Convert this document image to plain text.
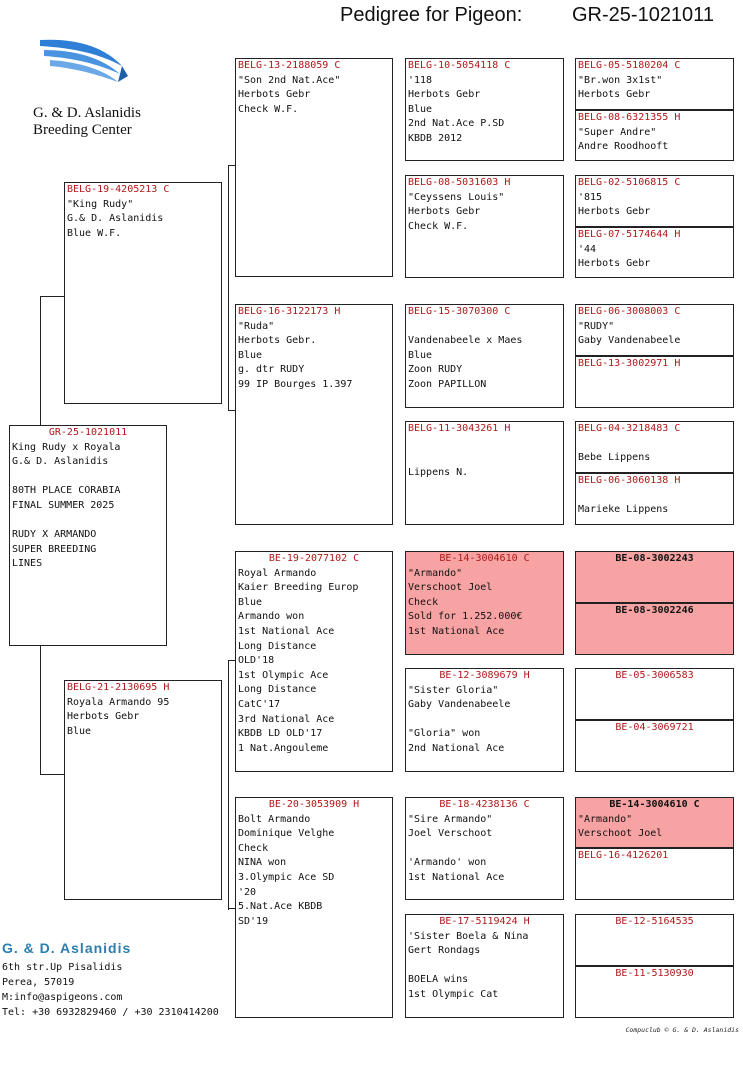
Pedigree for Pigeon: GR-25-1021011
G. & D. Aslanidis
Breeding Center
GR-25-1021011
King Rudy x Royala
G.& D. Aslanidis

80TH PLACE CORABIA
FINAL SUMMER 2025

RUDY X ARMANDO
SUPER BREEDING
LINES
BELG-19-4205213 C
"King Rudy"
G.& D. Aslanidis
Blue W.F.
BELG-21-2130695 H
Royala Armando 95
Herbots Gebr
Blue
BELG-13-2188059 C
"Son 2nd Nat.Ace"
Herbots Gebr
Check W.F.
BELG-16-3122173 H
"Ruda"
Herbots Gebr.
Blue
g. dtr RUDY
99 IP Bourges 1.397
BE-19-2077102 C
Royal Armando
Kaier Breeding Europ
Blue
Armando won
1st National Ace
Long Distance
OLD'18
1st Olympic Ace
Long Distance
CatC'17
3rd National Ace
KBDB LD OLD'17
1 Nat.Angouleme
BE-20-3053909 H
Bolt Armando
Dominique Velghe
Check
NINA won
3.Olympic Ace SD
'20
5.Nat.Ace KBDB
SD'19
BELG-10-5054118 C
'118
Herbots Gebr
Blue
2nd Nat.Ace P.SD
KBDB 2012
BELG-08-5031603 H
"Ceyssens Louis"
Herbots Gebr
Check W.F.
BELG-15-3070300 C

Vandenabeele x Maes
Blue
Zoon RUDY
Zoon PAPILLON
BELG-11-3043261 H

Lippens N.
BE-14-3004610 C
"Armando"
Verschoot Joel
Check
Sold for 1.252.000€
1st National Ace
BE-12-3089679 H
"Sister Gloria"
Gaby Vandenabeele

"Gloria" won
2nd National Ace
BE-18-4238136 C
"Sire Armando"
Joel Verschoot

'Armando' won
1st National Ace
BE-17-5119424 H
'Sister Boela & Nina
Gert Rondags

BOELA wins
1st Olympic Cat
BELG-05-5180204 C
"Br.won 3x1st"
Herbots Gebr
BELG-08-6321355 H
"Super Andre"
Andre Roodhooft
BELG-02-5106815 C
'815
Herbots Gebr
BELG-07-5174644 H
'44
Herbots Gebr
BELG-06-3008003 C
"RUDY"
Gaby Vandenabeele
BELG-13-3002971 H
BELG-04-3218483 C

Bebe Lippens
BELG-06-3060138 H

Marieke Lippens
BE-08-3002243
BE-08-3002246
BE-05-3006583
BE-04-3069721
BE-14-3004610 C
"Armando"
Verschoot Joel
BELG-16-4126201
BE-12-5164535
BE-11-5130930
G. & D. Aslanidis
6th str.Up Pisalidis
Perea, 57019
M:info@aspigeons.com
Tel: +30 6932829460 / +30 2310414200
Compuclub © G. & D. Aslanidis
